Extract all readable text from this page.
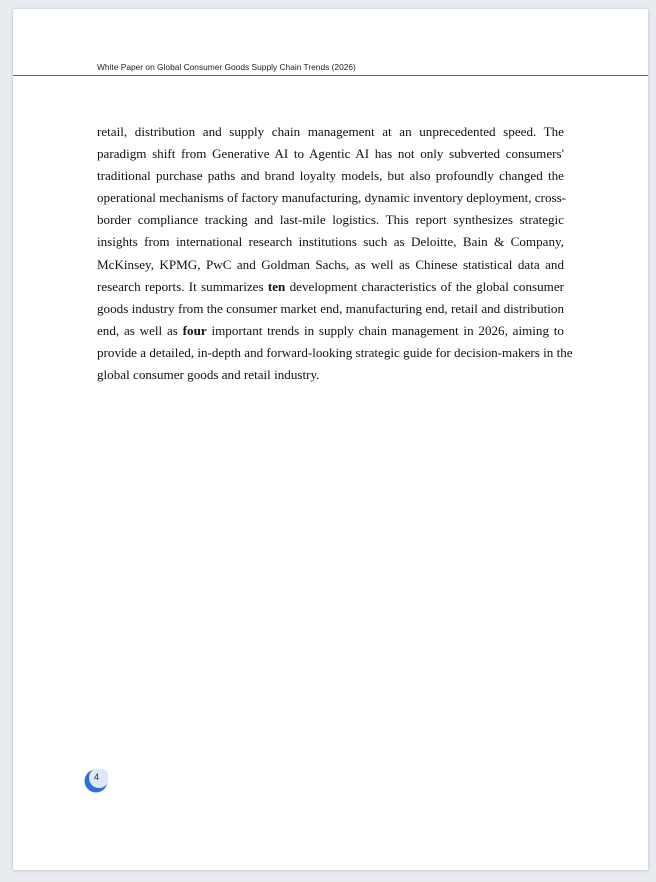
White Paper on Global Consumer Goods Supply Chain Trends (2026)
retail, distribution and supply chain management at an unprecedented speed. The
paradigm shift from Generative AI to Agentic AI has not only subverted consumers'
traditional purchase paths and brand loyalty models, but also profoundly changed the
operational mechanisms of factory manufacturing, dynamic inventory deployment, cross-
border compliance tracking and last-mile logistics. This report synthesizes strategic
insights from international research institutions such as Deloitte, Bain & Company,
McKinsey, KPMG, PwC and Goldman Sachs, as well as Chinese statistical data and
research reports. It summarizes ten development characteristics of the global consumer
goods industry from the consumer market end, manufacturing end, retail and distribution
end, as well as four important trends in supply chain management in 2026, aiming to
provide a detailed, in-depth and forward-looking strategic guide for decision-makers in the
global consumer goods and retail industry.
4
